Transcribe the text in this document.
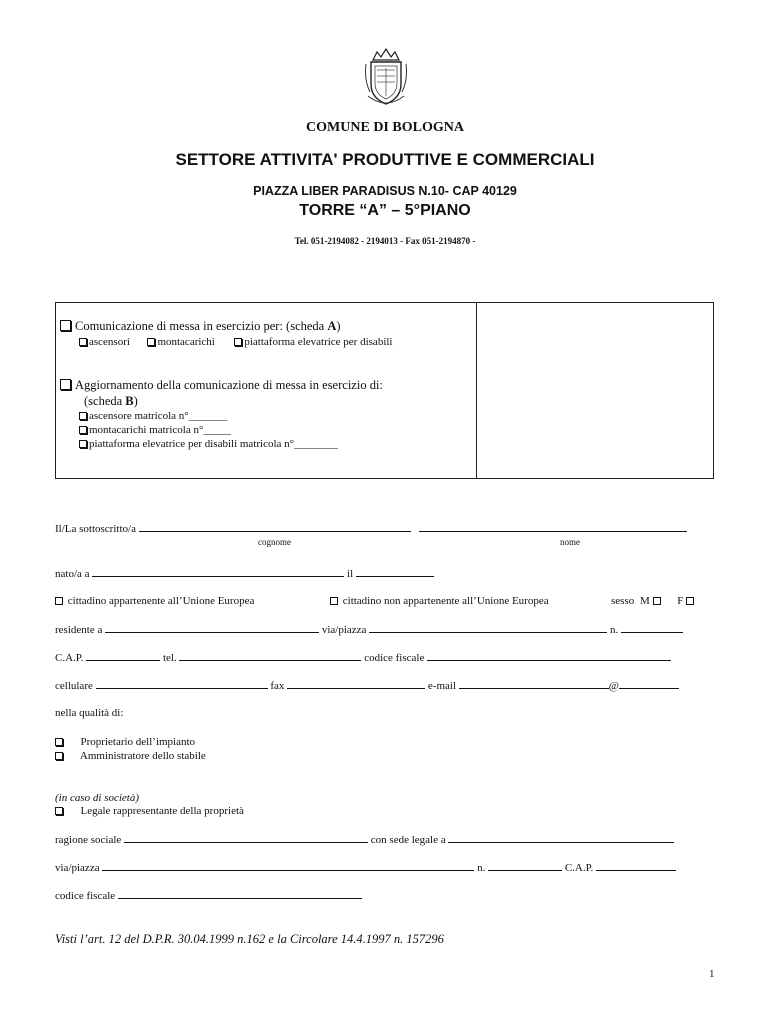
COMUNE DI BOLOGNA
SETTORE ATTIVITA' PRODUTTIVE E COMMERCIALI
PIAZZA LIBER PARADISUS N.10- CAP 40129
TORRE “A” – 5°PIANO
Tel. 051-2194082 - 2194013 - Fax 051-2194870 -
Comunicazione di messa in esercizio per: (scheda A)
ascensori	montacarichi	piattaforma elevatrice per disabili
Aggiornamento della comunicazione di messa in esercizio di:
(scheda B)
ascensore matricola n°_______
montacarichi matricola n°_____
piattaforma elevatrice per disabili matricola n°________
Il/La sottoscritto/a
cognome	nome
nato/a a	il
cittadino appartenente all’Unione Europea	cittadino non appartenente all’Unione Europea	sesso M	F
residente a	via/piazza	n.
C.A.P.	tel.	codice fiscale
cellulare	fax	e-mail	@
nella qualità di:
Proprietario dell’impianto
Amministratore dello stabile
(in caso di società)
Legale rappresentante della proprietà
ragione sociale	con sede legale a
via/piazza	n.	C.A.P.
codice fiscale
Visti l’art. 12 del D.P.R. 30.04.1999 n.162 e la Circolare 14.4.1997 n. 157296
1
